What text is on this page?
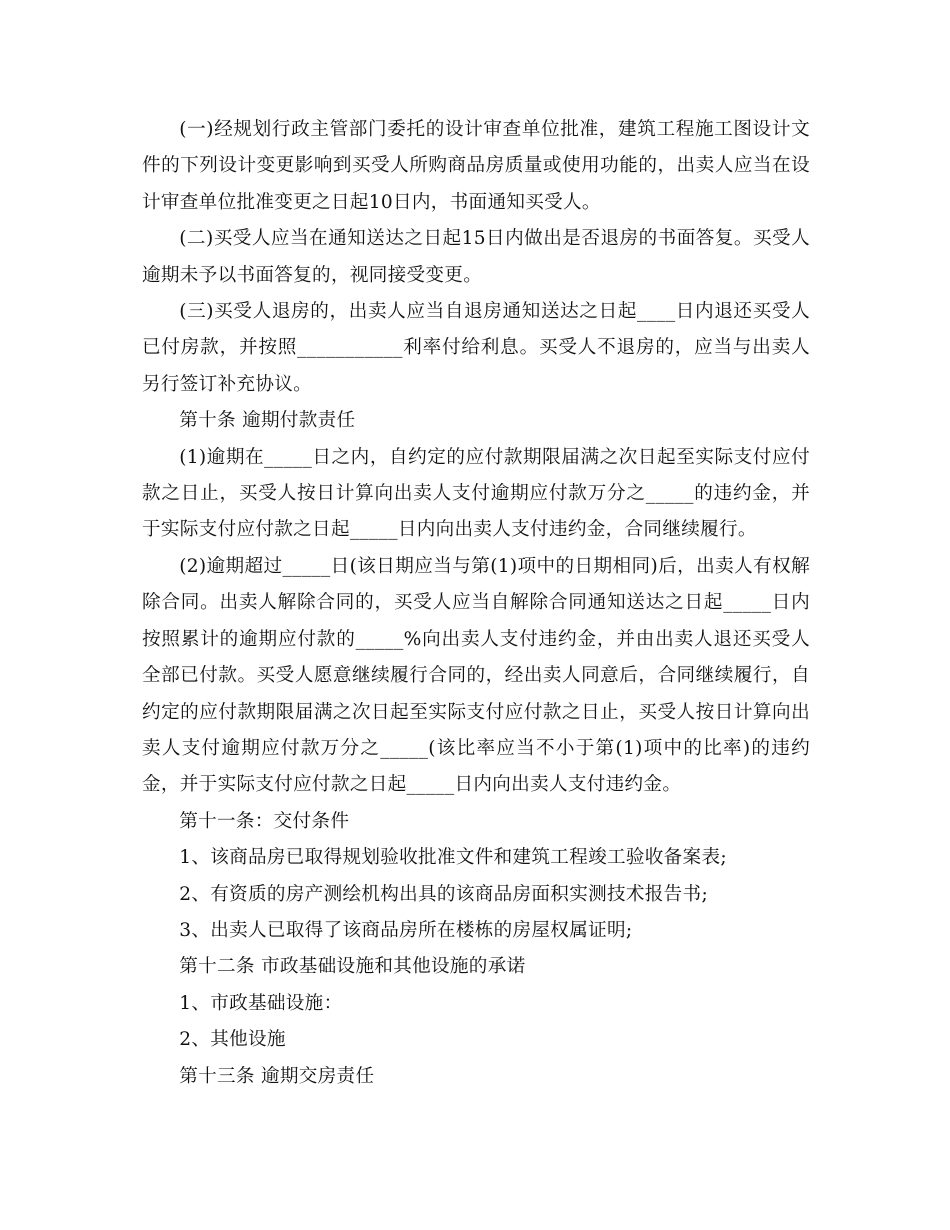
(一)经规划行政主管部门委托的设计审查单位批准，建筑工程施工图设计文件的下列设计变更影响到买受人所购商品房质量或使用功能的，出卖人应当在设计审查单位批准变更之日起10日内，书面通知买受人。

(二)买受人应当在通知送达之日起15日内做出是否退房的书面答复。买受人逾期未予以书面答复的，视同接受变更。

(三)买受人退房的，出卖人应当自退房通知送达之日起____日内退还买受人已付房款，并按照___________利率付给利息。买受人不退房的，应当与出卖人另行签订补充协议。

第十条 逾期付款责任

(1)逾期在_____日之内，自约定的应付款期限届满之次日起至实际支付应付款之日止，买受人按日计算向出卖人支付逾期应付款万分之_____的违约金，并于实际支付应付款之日起_____日内向出卖人支付违约金，合同继续履行。

(2)逾期超过_____日(该日期应当与第(1)项中的日期相同)后，出卖人有权解除合同。出卖人解除合同的，买受人应当自解除合同通知送达之日起_____日内按照累计的逾期应付款的_____%向出卖人支付违约金，并由出卖人退还买受人全部已付款。买受人愿意继续履行合同的，经出卖人同意后，合同继续履行，自约定的应付款期限届满之次日起至实际支付应付款之日止，买受人按日计算向出卖人支付逾期应付款万分之_____(该比率应当不小于第(1)项中的比率)的违约金，并于实际支付应付款之日起_____日内向出卖人支付违约金。

第十一条：交付条件

1、该商品房已取得规划验收批准文件和建筑工程竣工验收备案表;

2、有资质的房产测绘机构出具的该商品房面积实测技术报告书;

3、出卖人已取得了该商品房所在楼栋的房屋权属证明;

第十二条 市政基础设施和其他设施的承诺

1、市政基础设施：

2、其他设施

第十三条 逾期交房责任
